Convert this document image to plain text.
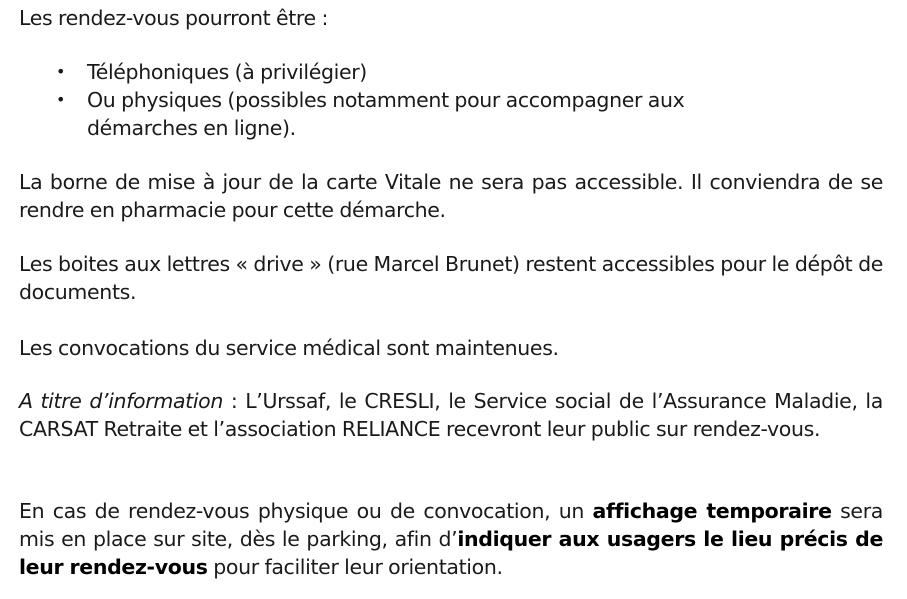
Les rendez-vous pourront être :

• Téléphoniques (à privilégier)
• Ou physiques (possibles notamment pour accompagner aux démarches en ligne).

La borne de mise à jour de la carte Vitale ne sera pas accessible. Il conviendra de se rendre en pharmacie pour cette démarche.

Les boites aux lettres « drive » (rue Marcel Brunet) restent accessibles pour le dépôt de documents.

Les convocations du service médical sont maintenues.

A titre d’information : L’Urssaf, le CRESLI, le Service social de l’Assurance Maladie, la CARSAT Retraite et l’association RELIANCE recevront leur public sur rendez-vous.

En cas de rendez-vous physique ou de convocation, un affichage temporaire sera mis en place sur site, dès le parking, afin d’indiquer aux usagers le lieu précis de leur rendez-vous pour faciliter leur orientation.
